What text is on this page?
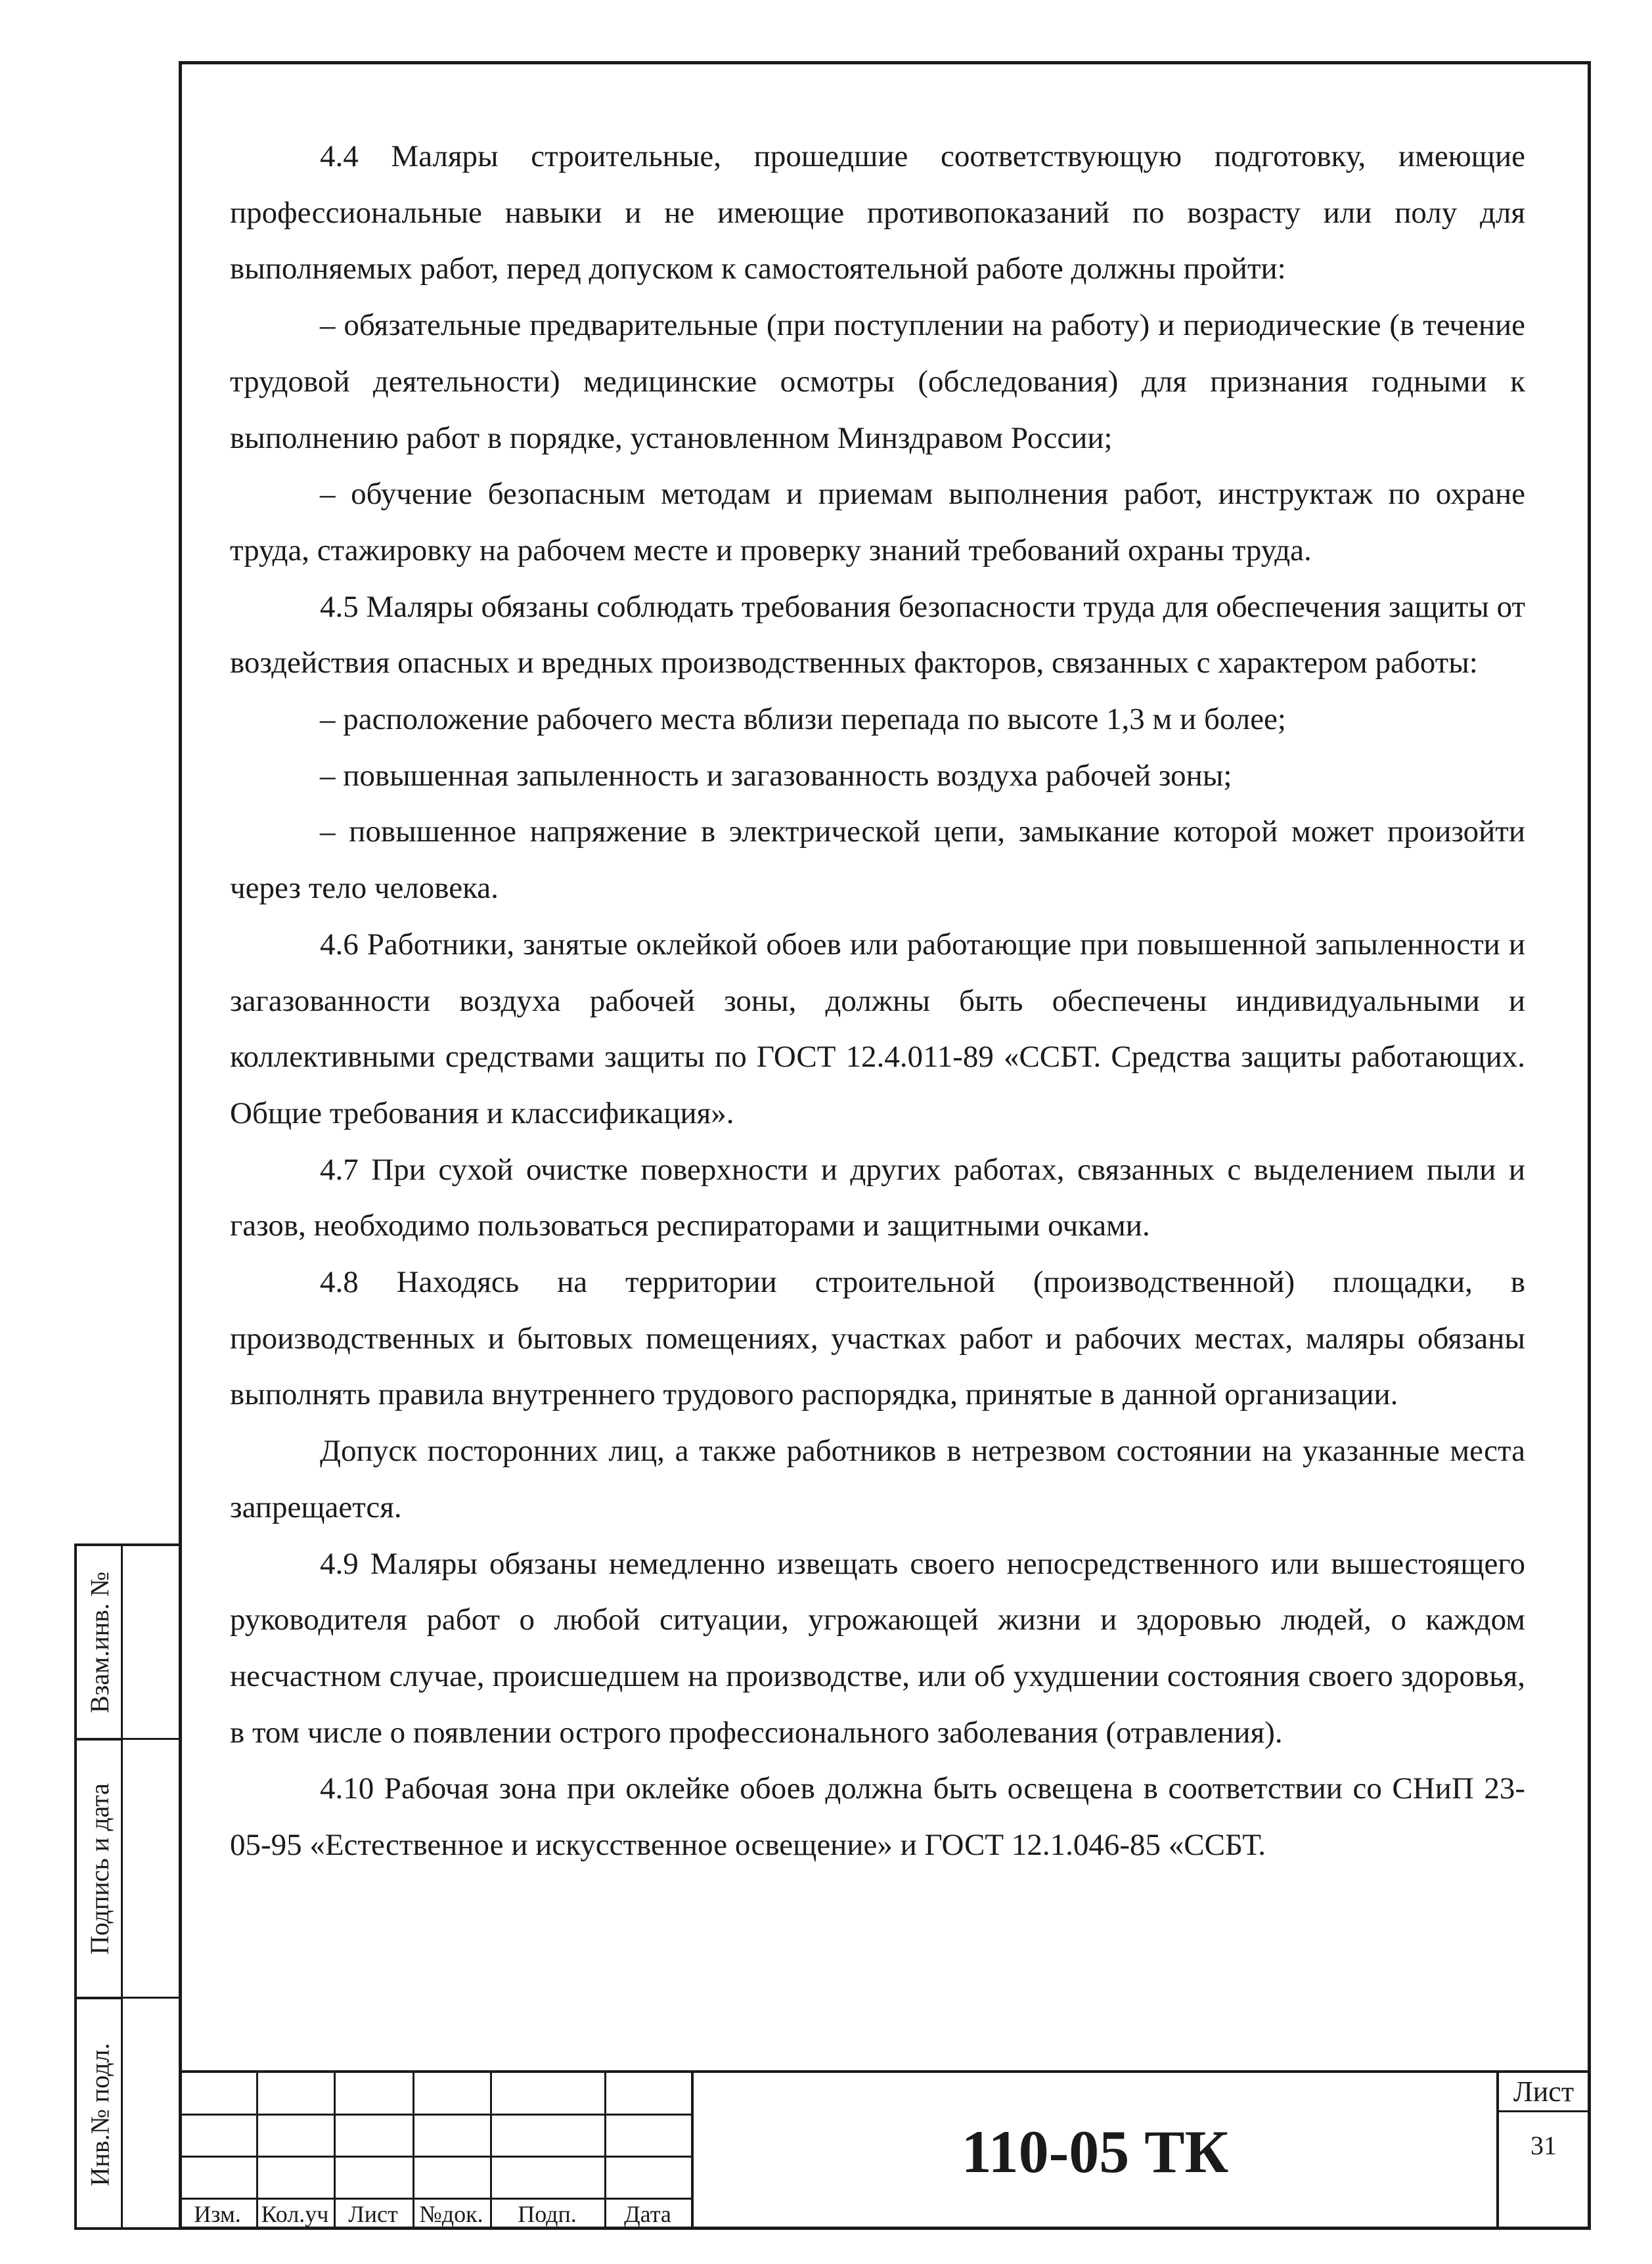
4.4 Маляры строительные, прошедшие соответствующую подготовку, имеющие профессиональные навыки и не имеющие противопоказаний по возрасту или полу для выполняемых работ, перед допуском к самостоятельной работе должны пройти:

– обязательные предварительные (при поступлении на работу) и периодические (в течение трудовой деятельности) медицинские осмотры (обследования) для признания годными к выполнению работ в порядке, установленном Минздравом России;

– обучение безопасным методам и приемам выполнения работ, инструктаж по охране труда, стажировку на рабочем месте и проверку знаний требований охраны труда.

4.5 Маляры обязаны соблюдать требования безопасности труда для обеспечения защиты от воздействия опасных и вредных производственных факторов, связанных с характером работы:

– расположение рабочего места вблизи перепада по высоте 1,3 м и более;

– повышенная запыленность и загазованность воздуха рабочей зоны;

– повышенное напряжение в электрической цепи, замыкание которой может произойти через тело человека.

4.6 Работники, занятые оклейкой обоев или работающие при повышенной запыленности и загазованности воздуха рабочей зоны, должны быть обеспечены индивидуальными и коллективными средствами защиты по ГОСТ 12.4.011-89 «ССБТ. Средства защиты работающих. Общие требования и классификация».

4.7 При сухой очистке поверхности и других работах, связанных с выделением пыли и газов, необходимо пользоваться респираторами и защитными очками.

4.8 Находясь на территории строительной (производственной) площадки, в производственных и бытовых помещениях, участках работ и рабочих местах, маляры обязаны выполнять правила внутреннего трудового распорядка, принятые в данной организации.

Допуск посторонних лиц, а также работников в нетрезвом состоянии на указанные места запрещается.

4.9 Маляры обязаны немедленно извещать своего непосредственного или вышестоящего руководителя работ о любой ситуации, угрожающей жизни и здоровью людей, о каждом несчастном случае, происшедшем на производстве, или об ухудшении состояния своего здоровья, в том числе о появлении острого профессионального заболевания (отравления).

4.10 Рабочая зона при оклейке обоев должна быть освещена в соответствии со СНиП 23-05-95 «Естественное и искусственное освещение» и ГОСТ 12.1.046-85 «ССБТ.

Взам.инв. №
Подпись и дата
Инв.№ подл.
Изм. Кол.уч Лист №док.	Подп.	Дата
110-05 ТК
Лист
31
